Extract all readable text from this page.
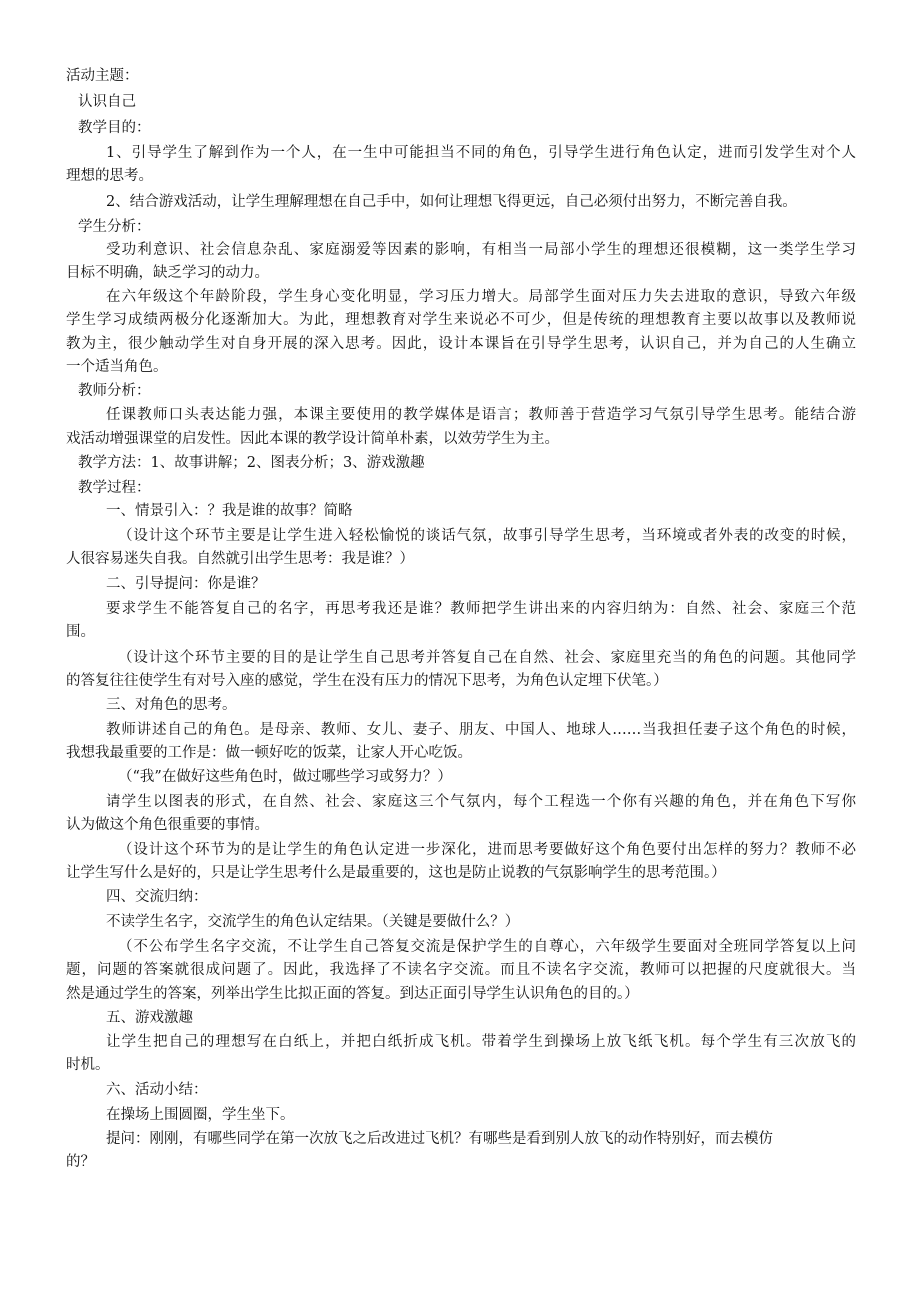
活动主题：
认识自己
教学目的：
1、引导学生了解到作为一个人，在一生中可能担当不同的角色，引导学生进行角色认定，进而引发学生对个人
理想的思考。
2、结合游戏活动，让学生理解理想在自己手中，如何让理想飞得更远，自己必须付出努力，不断完善自我。
学生分析：
受功利意识、社会信息杂乱、家庭溺爱等因素的影响，有相当一局部小学生的理想还很模糊，这一类学生学习
目标不明确，缺乏学习的动力。
在六年级这个年龄阶段，学生身心变化明显，学习压力增大。局部学生面对压力失去进取的意识，导致六年级
学生学习成绩两极分化逐渐加大。为此，理想教育对学生来说必不可少，但是传统的理想教育主要以故事以及教师说
教为主，很少触动学生对自身开展的深入思考。因此，设计本课旨在引导学生思考，认识自己，并为自己的人生确立
一个适当角色。
教师分析：
任课教师口头表达能力强，本课主要使用的教学媒体是语言；教师善于营造学习气氛引导学生思考。能结合游
戏活动增强课堂的启发性。因此本课的教学设计简单朴素，以效劳学生为主。
教学方法：1、故事讲解；2、图表分析；3、游戏激趣
教学过程：
一、情景引入：？我是谁的故事？简略
（设计这个环节主要是让学生进入轻松愉悦的谈话气氛，故事引导学生思考，当环境或者外表的改变的时候，
人很容易迷失自我。自然就引出学生思考：我是谁？）
二、引导提问：你是谁？
要求学生不能答复自己的名字，再思考我还是谁？教师把学生讲出来的内容归纳为：自然、社会、家庭三个范
围。
（设计这个环节主要的目的是让学生自己思考并答复自己在自然、社会、家庭里充当的角色的问题。其他同学
的答复往往使学生有对号入座的感觉，学生在没有压力的情况下思考，为角色认定埋下伏笔。）
三、对角色的思考。
教师讲述自己的角色。是母亲、教师、女儿、妻子、朋友、中国人、地球人……当我担任妻子这个角色的时候，
我想我最重要的工作是：做一顿好吃的饭菜，让家人开心吃饭。
（“我”在做好这些角色时，做过哪些学习或努力？）
请学生以图表的形式，在自然、社会、家庭这三个气氛内，每个工程选一个你有兴趣的角色，并在角色下写你
认为做这个角色很重要的事情。
（设计这个环节为的是让学生的角色认定进一步深化，进而思考要做好这个角色要付出怎样的努力？教师不必
让学生写什么是好的，只是让学生思考什么是最重要的，这也是防止说教的气氛影响学生的思考范围。）
四、交流归纳：
不读学生名字，交流学生的角色认定结果。（关键是要做什么？）
（不公布学生名字交流，不让学生自己答复交流是保护学生的自尊心，六年级学生要面对全班同学答复以上问
题，问题的答案就很成问题了。因此，我选择了不读名字交流。而且不读名字交流，教师可以把握的尺度就很大。当
然是通过学生的答案，列举出学生比拟正面的答复。到达正面引导学生认识角色的目的。）
五、游戏激趣
让学生把自己的理想写在白纸上，并把白纸折成飞机。带着学生到操场上放飞纸飞机。每个学生有三次放飞的
时机。
六、活动小结：
在操场上围圆圈，学生坐下。
提问：刚刚，有哪些同学在第一次放飞之后改进过飞机？有哪些是看到别人放飞的动作特别好，而去模仿
的？
